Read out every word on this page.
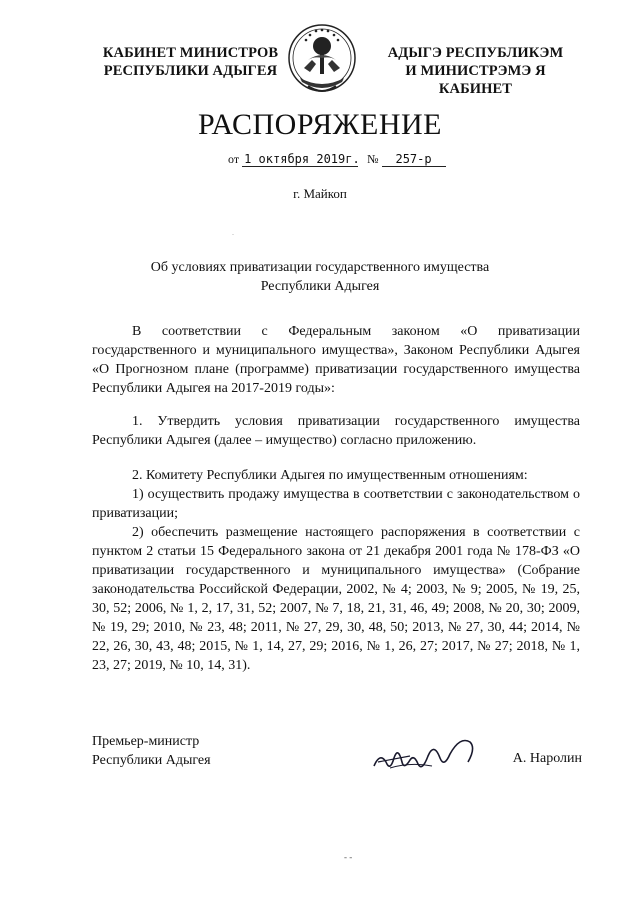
КАБИНЕТ МИНИСТРОВ
РЕСПУБЛИКИ АДЫГЕЯ
АДЫГЭ РЕСПУБЛИКЭМ
И МИНИСТРЭМЭ Я КАБИНЕТ
РАСПОРЯЖЕНИЕ
от 1 октября 2019г. № 257-р
г. Майкоп
.
Об условиях приватизации государственного имущества
Республики Адыгея

В соответствии с Федеральным законом «О приватизации государственного и муниципального имущества», Законом Республики Адыгея «О Прогнозном плане (программе) приватизации государственного имущества Республики Адыгея на 2017-2019 годы»:

1. Утвердить условия приватизации государственного имущества Республики Адыгея (далее – имущество) согласно приложению.

2. Комитету Республики Адыгея по имущественным отношениям:

1) осуществить продажу имущества в соответствии с законодательством о приватизации;

2) обеспечить размещение настоящего распоряжения в соответствии с пунктом 2 статьи 15 Федерального закона от 21 декабря 2001 года № 178-ФЗ «О приватизации государственного и муниципального имущества» (Собрание законодательства Российской Федерации, 2002, № 4; 2003, № 9; 2005, № 19, 25, 30, 52; 2006, № 1, 2, 17, 31, 52; 2007, № 7, 18, 21, 31, 46, 49; 2008, № 20, 30; 2009, № 19, 29; 2010, № 23, 48; 2011, № 27, 29, 30, 48, 50; 2013, № 27, 30, 44; 2014, № 22, 26, 30, 43, 48; 2015, № 1, 14, 27, 29; 2016, № 1, 26, 27; 2017, № 27; 2018, № 1, 23, 27; 2019, № 10, 14, 31).

Премьер-министр
Республики Адыгея	А. Наролин
- -
